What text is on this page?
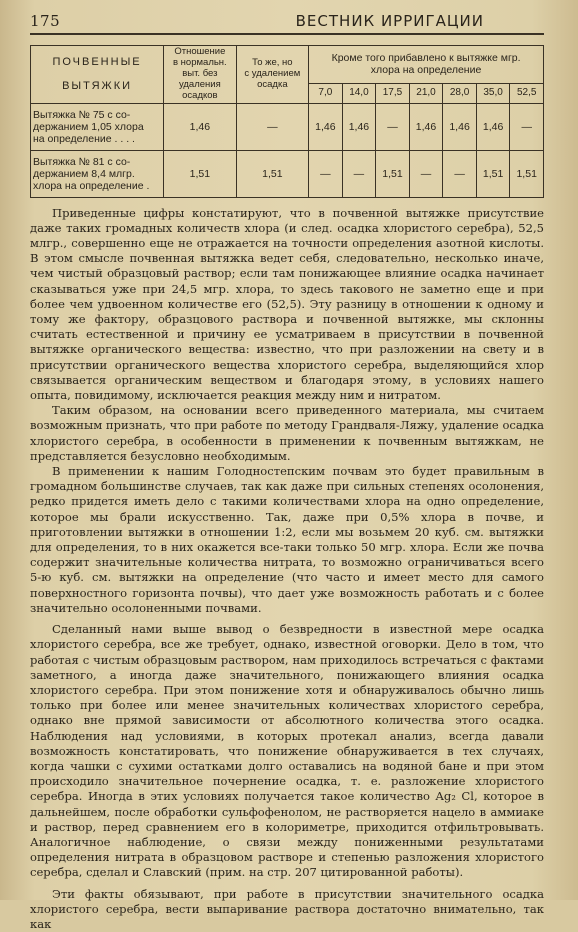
175	ВЕСТНИК ИРРИГАЦИИ
ПОЧВЕННЫЕ
ВЫТЯЖКИ	Отношение
в нормальн.
выт. без
удаления
осадков	То же, но
с удалением
осадка	Кроме того прибавлено к вытяжке мгр.
хлора на определение						
			7,0	14,0	17,5	21,0	28,0	35,0	52,5
Вытяжка № 75 с со-
держанием 1,05 хлора
на определение . . . .	1,46	—	1,46	1,46	—	1,46	1,46	1,46	—
Вытяжка № 81 с со-
держанием 8,4 млгр.
хлора на определение .	1,51	1,51	—	—	1,51	—	—	1,51	1,51

Приведенные цифры констатируют, что в почвенной вытяжке присутствие даже таких громадных количеств хлора (и след. осадка хлористого серебра), 52,5 млгр., совершенно еще не отражается на точности определения азотной кислоты. В этом смысле почвенная вытяжка ведет себя, следовательно, несколько иначе, чем чистый образцовый раствор; если там понижающее влияние осадка начинает сказываться уже при 24,5 мгр. хлора, то здесь такового не заметно еще и при более чем удвоенном количестве его (52,5). Эту разницу в отношении к одному и тому же фактору, образцового раствора и почвенной вытяжке, мы склонны считать естественной и причину ее усматриваем в присутствии в почвенной вытяжке органического вещества: известно, что при разложении на свету и в присутствии органического вещества хлористого серебра, выделяющийся хлор связывается органическим веществом и благодаря этому, в условиях нашего опыта, повидимому, исключается реакция между ним и нитратом.

Таким образом, на основании всего приведенного материала, мы считаем возможным признать, что при работе по методу Грандваля-Ляжу, удаление осадка хлористого серебра, в особенности в применении к почвенным вытяжкам, не представляется безусловно необходимым.

В применении к нашим Голодностепским почвам это будет правильным в громадном большинстве случаев, так как даже при сильных степенях осолонения, редко придется иметь дело с такими количествами хлора на одно определение, которое мы брали искусственно. Так, даже при 0,5% хлора в почве, и приготовлении вытяжки в отношении 1:2, если мы возьмем 20 куб. см. вытяжки для определения, то в них окажется все-таки только 50 мгр. хлора. Если же почва содержит значительные количества нитрата, то возможно ограничиваться всего 5-ю куб. см. вытяжки на определение (что часто и имеет место для самого поверхностного горизонта почвы), что дает уже возможность работать и с более значительно осолоненными почвами.

Сделанный нами выше вывод о безвредности в известной мере осадка хлористого серебра, все же требует, однако, известной оговорки. Дело в том, что работая с чистым образцовым раствором, нам приходилось встречаться с фактами заметного, а иногда даже значительного, понижающего влияния осадка хлористого серебра. При этом понижение хотя и обнаруживалось обычно лишь только при более или менее значительных количествах хлористого серебра, однако вне прямой зависимости от абсолютного количества этого осадка. Наблюдения над условиями, в которых протекал анализ, всегда давали возможность констатировать, что понижение обнаруживается в тех случаях, когда чашки с сухими остатками долго оставались на водяной бане и при этом происходило значительное почернение осадка, т. е. разложение хлористого серебра. Иногда в этих условиях получается такое количество Ag₂ Cl, которое в дальнейшем, после обработки сульфофенолом, не растворяется нацело в аммиаке и раствор, перед сравнением его в колориметре, приходится отфильтровывать. Аналогичное наблюдение, о связи между пониженными результатами определения нитрата в образцовом растворе и степенью разложения хлористого серебра, сделал и Славский (прим. на стр. 207 цитированной работы).

Эти факты обязывают, при работе в присутствии значительного осадка хлористого серебра, вести выпаривание раствора достаточно внимательно, так как
